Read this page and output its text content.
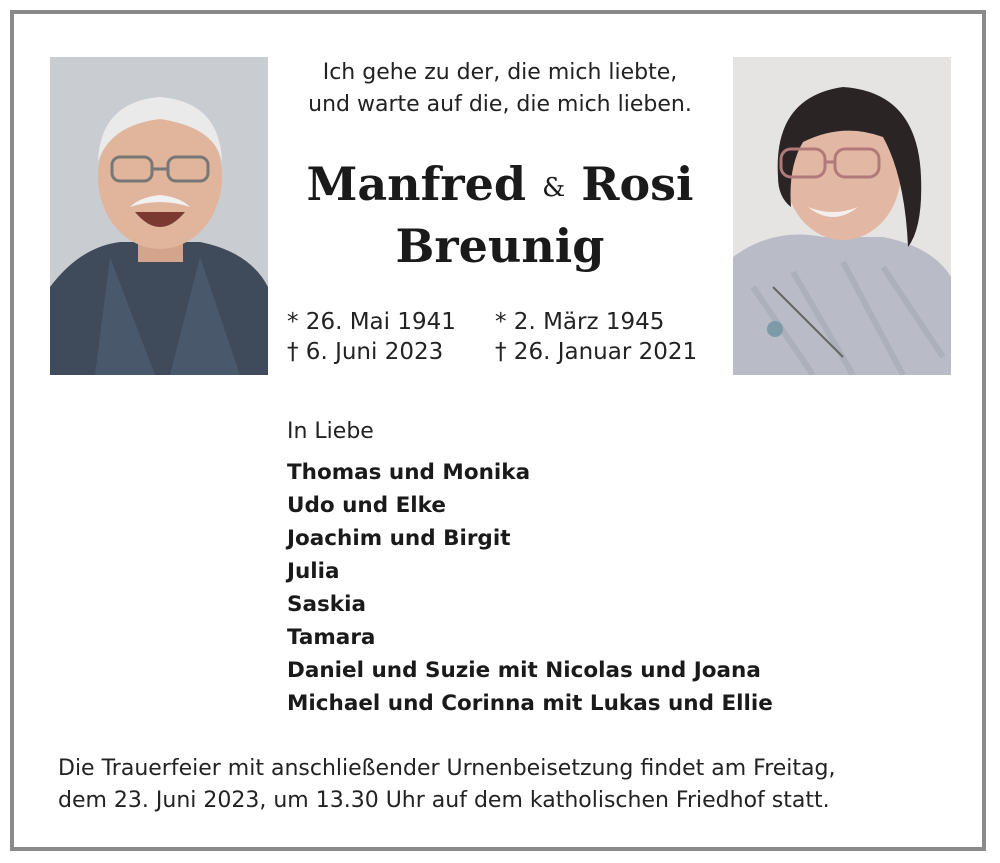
Ich gehe zu der, die mich liebte,
und warte auf die, die mich lieben.
Manfred & Rosi
Breunig
* 26. Mai 1941
† 6. Juni 2023
* 2. März 1945
† 26. Januar 2021
In Liebe
Thomas und Monika
Udo und Elke
Joachim und Birgit
Julia
Saskia
Tamara
Daniel und Suzie mit Nicolas und Joana
Michael und Corinna mit Lukas und Ellie
Die Trauerfeier mit anschließender Urnenbeisetzung findet am Freitag,
dem 23. Juni 2023, um 13.30 Uhr auf dem katholischen Friedhof statt.
